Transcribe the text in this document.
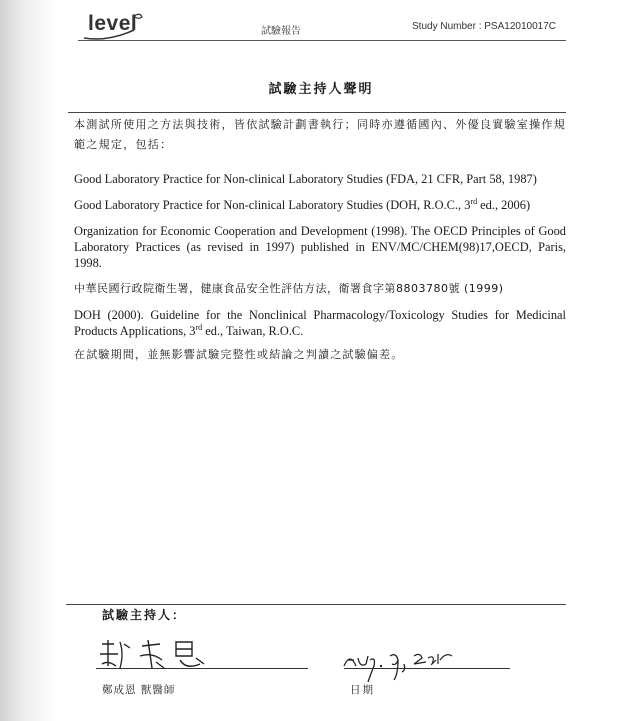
level	試驗報告	Study Number : PSA12010017C
試驗主持人聲明

本測試所使用之方法與技術，皆依試驗計劃書執行；同時亦遵循國內、外優良實驗室操作規範之規定，包括：

Good Laboratory Practice for Non-clinical Laboratory Studies (FDA, 21 CFR, Part 58, 1987)

Good Laboratory Practice for Non-clinical Laboratory Studies (DOH, R.O.C., 3rd ed., 2006)

Organization for Economic Cooperation and Development (1998). The OECD Principles of Good Laboratory Practices (as revised in 1997) published in ENV/MC/CHEM(98)17,OECD, Paris, 1998.

中華民國行政院衛生署，健康食品安全性評估方法，衛署食字第8803780號 (1999)

DOH (2000). Guideline for the Nonclinical Pharmacology/Toxicology Studies for Medicinal Products Applications, 3rd ed., Taiwan, R.O.C.

在試驗期間，並無影響試驗完整性或結論之判讀之試驗偏差。

試驗主持人：
鄭成恩 獸醫師	日期
